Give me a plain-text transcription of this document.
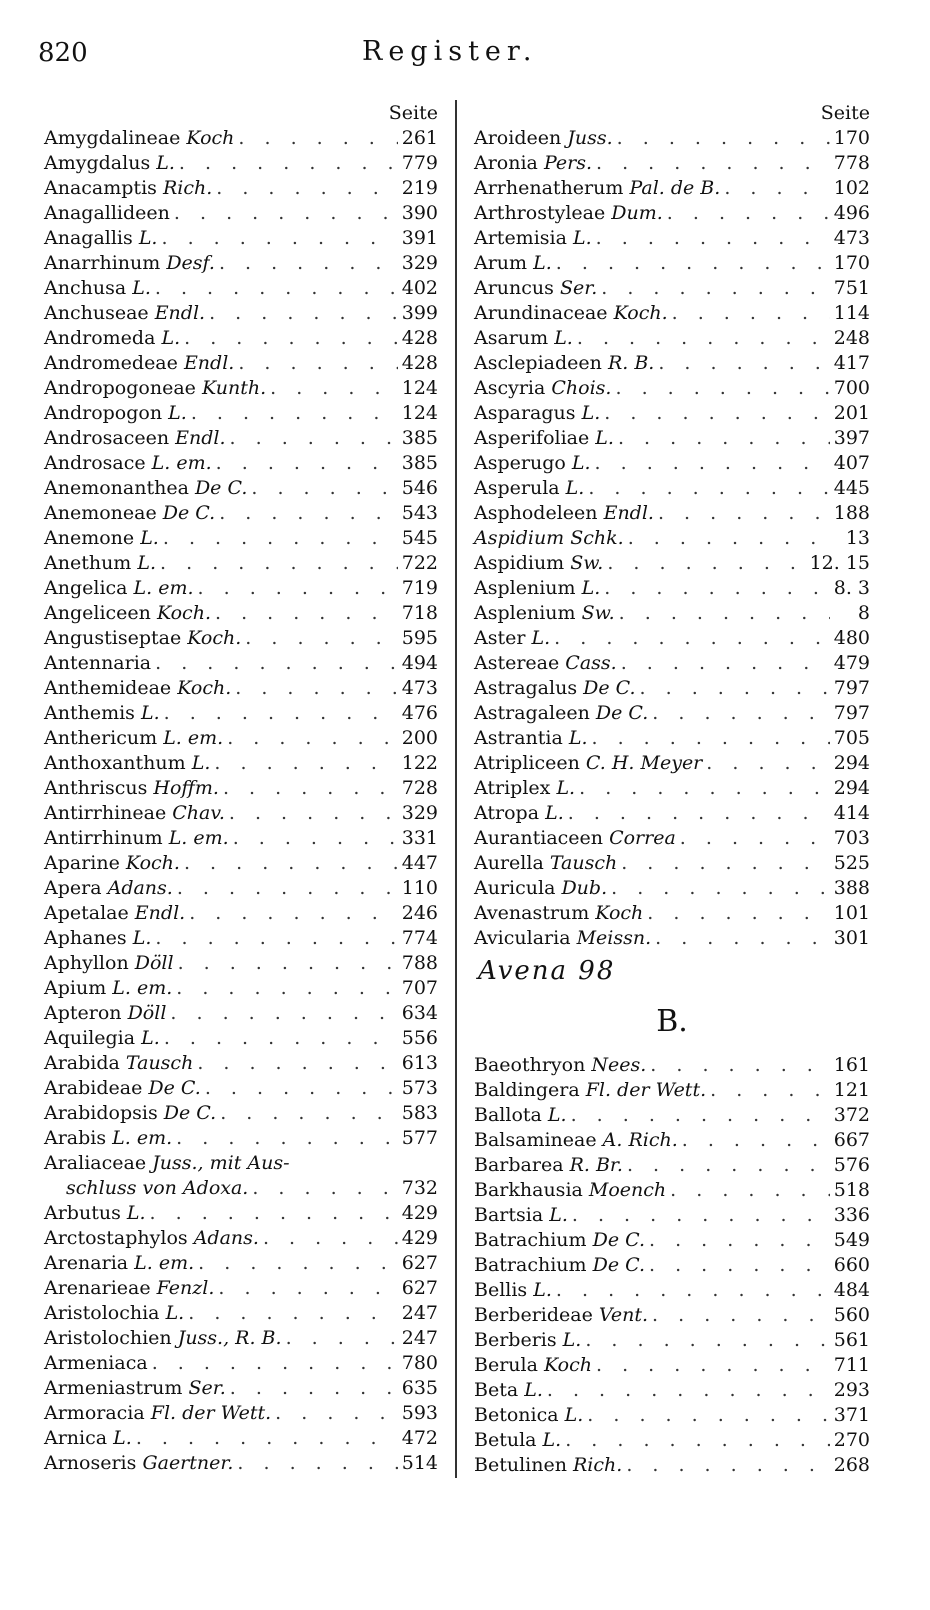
820	Register.
Seite
Amygdalineae Koch . . .	261
Amygdalus L. . . .	779
Anacamptis Rich. . . .	219
Anagallideen . . .	390
Anagallis L. . . .	391
Anarrhinum Desf. . . .	329
Anchusa L. . . .	402
Anchuseae Endl. . . .	399
Andromeda L. . . .	428
Andromedeae Endl. . . .	428
Andropogoneae Kunth. . . .	124
Andropogon L. . . .	124
Androsaceen Endl. . . .	385
Androsace L. em. . . .	385
Anemonanthea De C. . . .	546
Anemoneae De C. . . .	543
Anemone L. . . .	545
Anethum L. . . .	722
Angelica L. em. . . .	719
Angeliceen Koch. . . .	718
Angustiseptae Koch. . . .	595
Antennaria . . .	494
Anthemideae Koch. . . .	473
Anthemis L. . . .	476
Anthericum L. em. . . .	200
Anthoxanthum L. . . .	122
Anthriscus Hoffm. . . .	728
Antirrhineae Chav. . . .	329
Antirrhinum L. em. . . .	331
Aparine Koch. . . .	447
Apera Adans. . . .	110
Apetalae Endl. . . .	246
Aphanes L. . . .	774
Aphyllon Döll . . .	788
Apium L. em. . . .	707
Apteron Döll . . .	634
Aquilegia L. . . .	556
Arabida Tausch . . .	613
Arabideae De C. . . .	573
Arabidopsis De C. . . .	583
Arabis L. em. . . .	577
Araliaceae Juss., mit Aus-
schluss von Adoxa. . . .	732
Arbutus L. . . .	429
Arctostaphylos Adans. . . .	429
Arenaria L. em. . . .	627
Arenarieae Fenzl. . . .	627
Aristolochia L. . . .	247
Aristolochien Juss., R. B. . . .	247
Armeniaca . . .	780
Armeniastrum Ser. . . .	635
Armoracia Fl. der Wett. . . .	593
Arnica L. . . .	472
Arnoseris Gaertner. . . .	514
Seite
Aroideen Juss. . . .	170
Aronia Pers. . . .	778
Arrhenatherum Pal. de B. . . .	102
Arthrostyleae Dum. . . .	496
Artemisia L. . . .	473
Arum L. . . .	170
Aruncus Ser. . . .	751
Arundinaceae Koch. . . .	114
Asarum L. . . .	248
Asclepiadeen R. B. . . .	417
Ascyria Chois. . . .	700
Asparagus L. . . .	201
Asperifoliae L. . . .	397
Asperugo L. . . .	407
Asperula L. . . .	445
Asphodeleen Endl. . . .	188
Aspidium Schk. . . .	13
Aspidium Sw. . . .	12. 15
Asplenium L. . . .	8. 3
Asplenium Sw. . . .	8
Aster L. . . .	480
Astereae Cass. . . .	479
Astragalus De C. . . .	797
Astragaleen De C. . . .	797
Astrantia L. . . .	705
Atripliceen C. H. Meyer . . .	294
Atriplex L. . . .	294
Atropa L. . . .	414
Aurantiaceen Correa . . .	703
Aurella Tausch . . .	525
Auricula Dub. . . .	388
Avenastrum Koch . . .	101
Avicularia Meissn. . . .	301
Avena 98
B.
Baeothryon Nees. . . .	161
Baldingera Fl. der Wett. . . .	121
Ballota L. . . .	372
Balsamineae A. Rich. . . .	667
Barbarea R. Br. . . .	576
Barkhausia Moench . . .	518
Bartsia L. . . .	336
Batrachium De C. . . .	549
Batrachium De C. . . .	660
Bellis L. . . .	484
Berberideae Vent. . . .	560
Berberis L. . . .	561
Berula Koch . . .	711
Beta L. . . .	293
Betonica L. . . .	371
Betula L. . . .	270
Betulinen Rich. . . .	268
